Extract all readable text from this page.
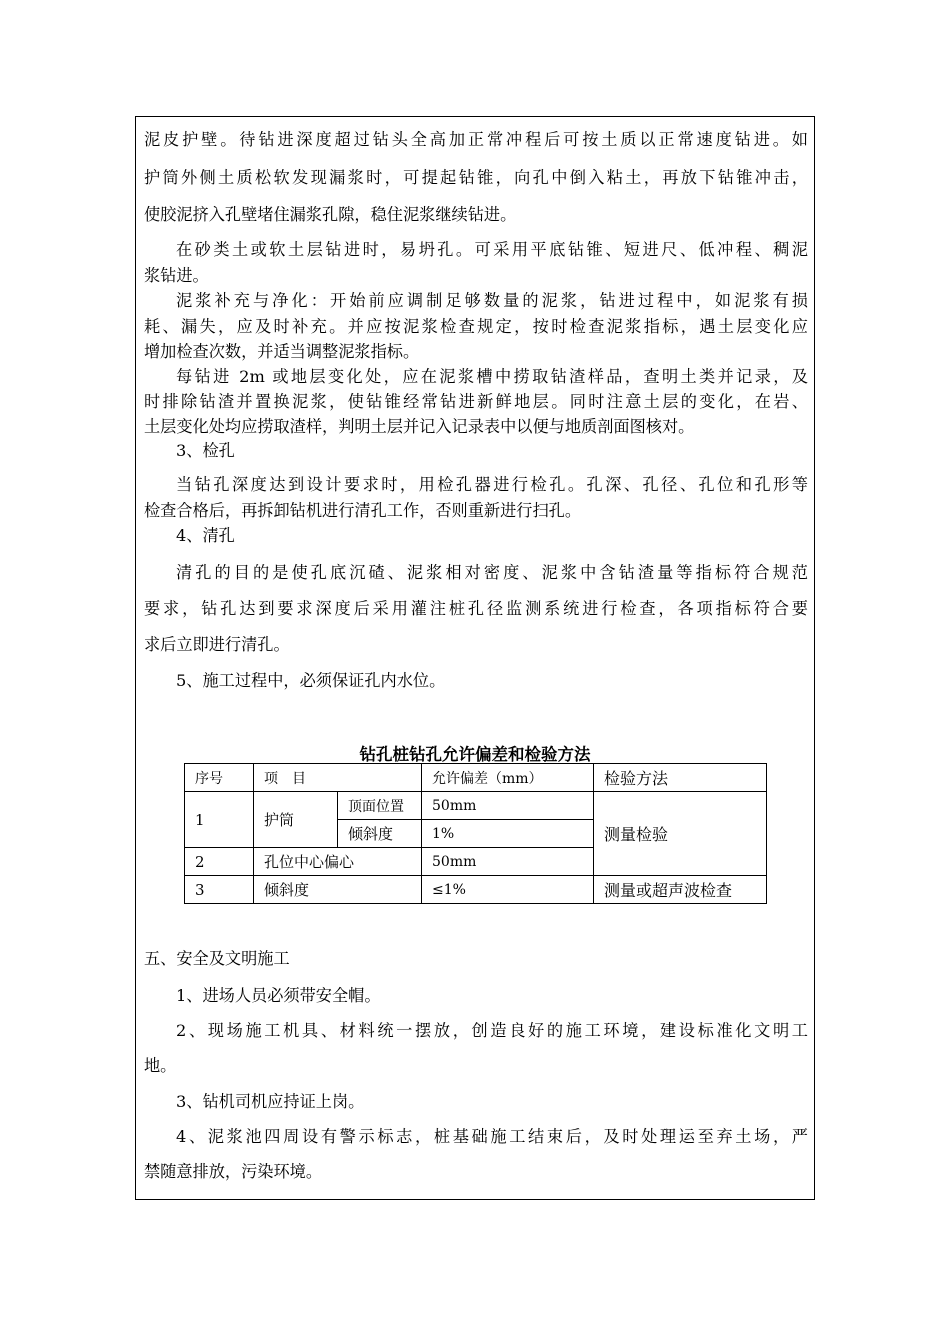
泥皮护壁。待钻进深度超过钻头全高加正常冲程后可按土质以正常速度钻进。如
护筒外侧土质松软发现漏浆时，可提起钻锥，向孔中倒入粘土，再放下钻锥冲击，
使胶泥挤入孔壁堵住漏浆孔隙，稳住泥浆继续钻进。
在砂类土或软土层钻进时，易坍孔。可采用平底钻锥、短进尺、低冲程、稠泥
浆钻进。
泥浆补充与净化：开始前应调制足够数量的泥浆，钻进过程中，如泥浆有损
耗、漏失，应及时补充。并应按泥浆检查规定，按时检查泥浆指标，遇土层变化应
增加检查次数，并适当调整泥浆指标。
每钻进 2m 或地层变化处，应在泥浆槽中捞取钻渣样品，查明土类并记录，及
时排除钻渣并置换泥浆，使钻锥经常钻进新鲜地层。同时注意土层的变化，在岩、
土层变化处均应捞取渣样，判明土层并记入记录表中以便与地质剖面图核对。
3、检孔
当钻孔深度达到设计要求时，用检孔器进行检孔。孔深、孔径、孔位和孔形等
检查合格后，再拆卸钻机进行清孔工作，否则重新进行扫孔。
4、清孔
清孔的目的是使孔底沉碴、泥浆相对密度、泥浆中含钻渣量等指标符合规范
要求，钻孔达到要求深度后采用灌注桩孔径监测系统进行检查，各项指标符合要
求后立即进行清孔。
5、施工过程中，必须保证孔内水位。
钻孔桩钻孔允许偏差和检验方法
序号	项　目		允许偏差（mm）	检验方法
1	护筒	顶面位置	50mm	测量检验
		倾斜度	1%	
2	孔位中心偏心		50mm	
3	倾斜度		≤1%	测量或超声波检查
五、安全及文明施工
1、进场人员必须带安全帽。
2、现场施工机具、材料统一摆放，创造良好的施工环境，建设标准化文明工
地。
3、钻机司机应持证上岗。
4、泥浆池四周设有警示标志，桩基础施工结束后，及时处理运至弃土场，严
禁随意排放，污染环境。
